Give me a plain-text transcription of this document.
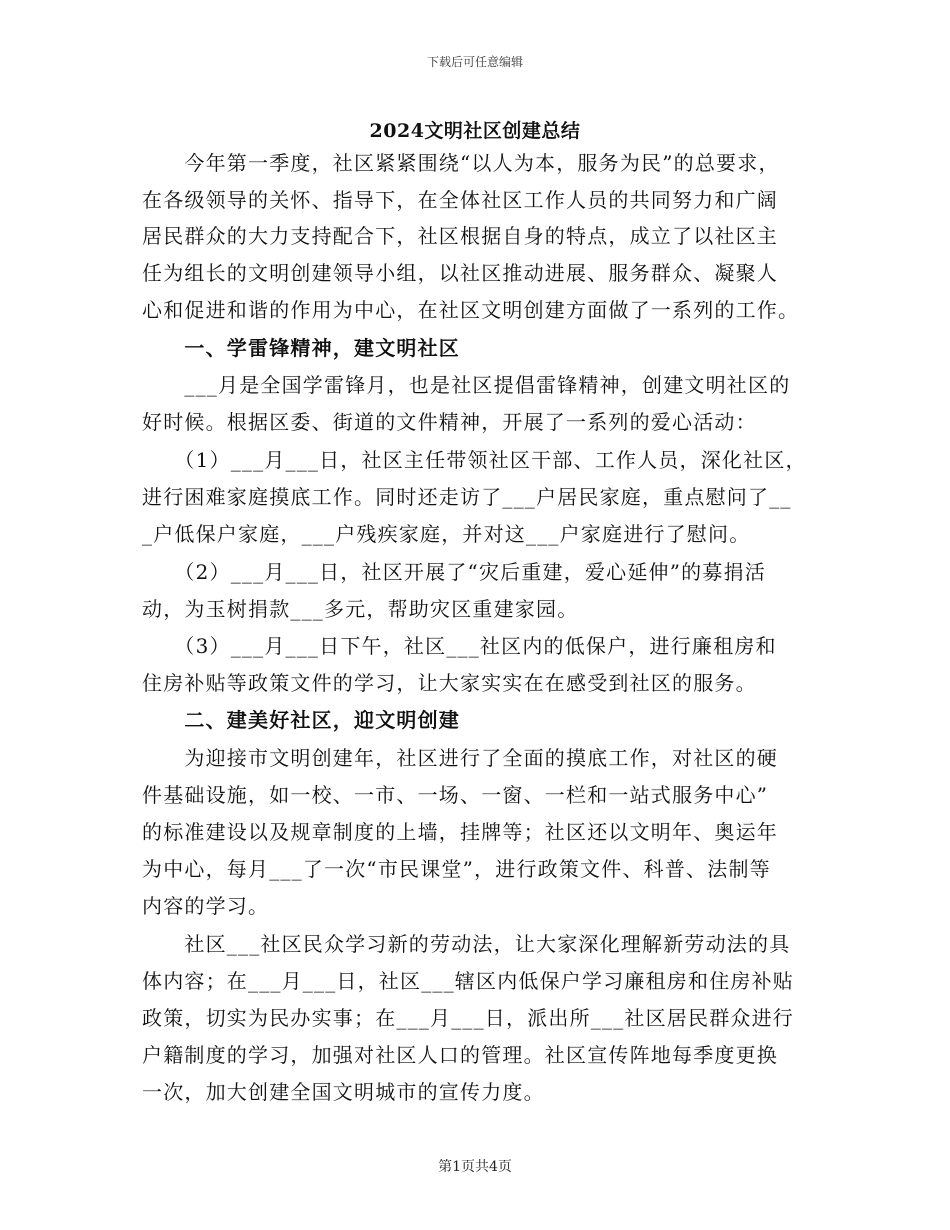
下载后可任意编辑
2024文明社区创建总结
　　今年第一季度，社区紧紧围绕“以人为本，服务为民”的总要求，
在各级领导的关怀、指导下，在全体社区工作人员的共同努力和广阔
居民群众的大力支持配合下，社区根据自身的特点，成立了以社区主
任为组长的文明创建领导小组，以社区推动进展、服务群众、凝聚人
心和促进和谐的作用为中心，在社区文明创建方面做了一系列的工作。
　　一、学雷锋精神，建文明社区
　　___月是全国学雷锋月，也是社区提倡雷锋精神，创建文明社区的
好时候。根据区委、街道的文件精神，开展了一系列的爱心活动：
　　（1）___月___日，社区主任带领社区干部、工作人员，深化社区，
进行困难家庭摸底工作。同时还走访了___户居民家庭，重点慰问了__
_户低保户家庭，___户残疾家庭，并对这___户家庭进行了慰问。
　　（2）___月___日，社区开展了“灾后重建，爱心延伸”的募捐活
动，为玉树捐款___多元，帮助灾区重建家园。
　　（3）___月___日下午，社区___社区内的低保户，进行廉租房和
住房补贴等政策文件的学习，让大家实实在在感受到社区的服务。
　　二、建美好社区，迎文明创建
　　为迎接市文明创建年，社区进行了全面的摸底工作，对社区的硬
件基础设施，如一校、一市、一场、一窗、一栏和一站式服务中心”
的标准建设以及规章制度的上墙，挂牌等；社区还以文明年、奥运年
为中心，每月___了一次“市民课堂”，进行政策文件、科普、法制等
内容的学习。
　　社区___社区民众学习新的劳动法，让大家深化理解新劳动法的具
体内容；在___月___日，社区___辖区内低保户学习廉租房和住房补贴
政策，切实为民办实事；在___月___日，派出所___社区居民群众进行
户籍制度的学习，加强对社区人口的管理。社区宣传阵地每季度更换
一次，加大创建全国文明城市的宣传力度。
第1页共4页
